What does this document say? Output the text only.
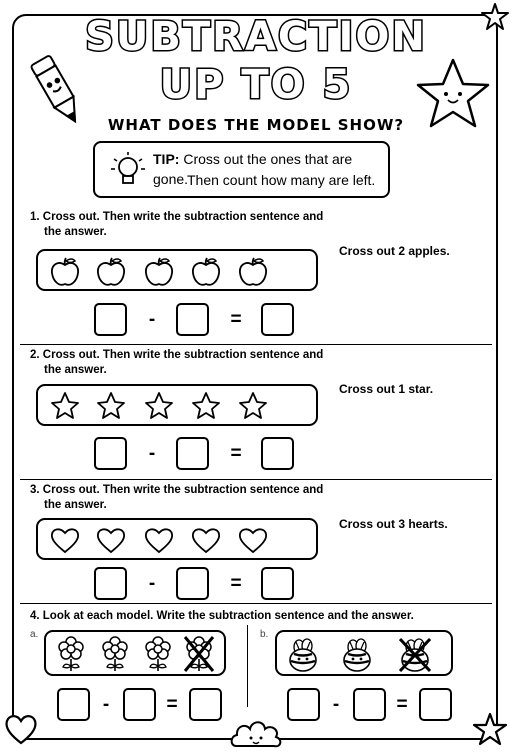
SUBTRACTION
UP TO 5
WHAT DOES THE MODEL SHOW?
TIP: Cross out the ones that are gone.
Then count how many are left.
1. Cross out. Then write the subtraction sentence and
the answer.
Cross out 2 apples.
-	=
2. Cross out. Then write the subtraction sentence and
the answer.
Cross out 1 star.
-	=
3. Cross out. Then write the subtraction sentence and
the answer.
Cross out 3 hearts.
-	=
4. Look at each model. Write the subtraction sentence and the answer.
a.
-	=
b.
-	=
